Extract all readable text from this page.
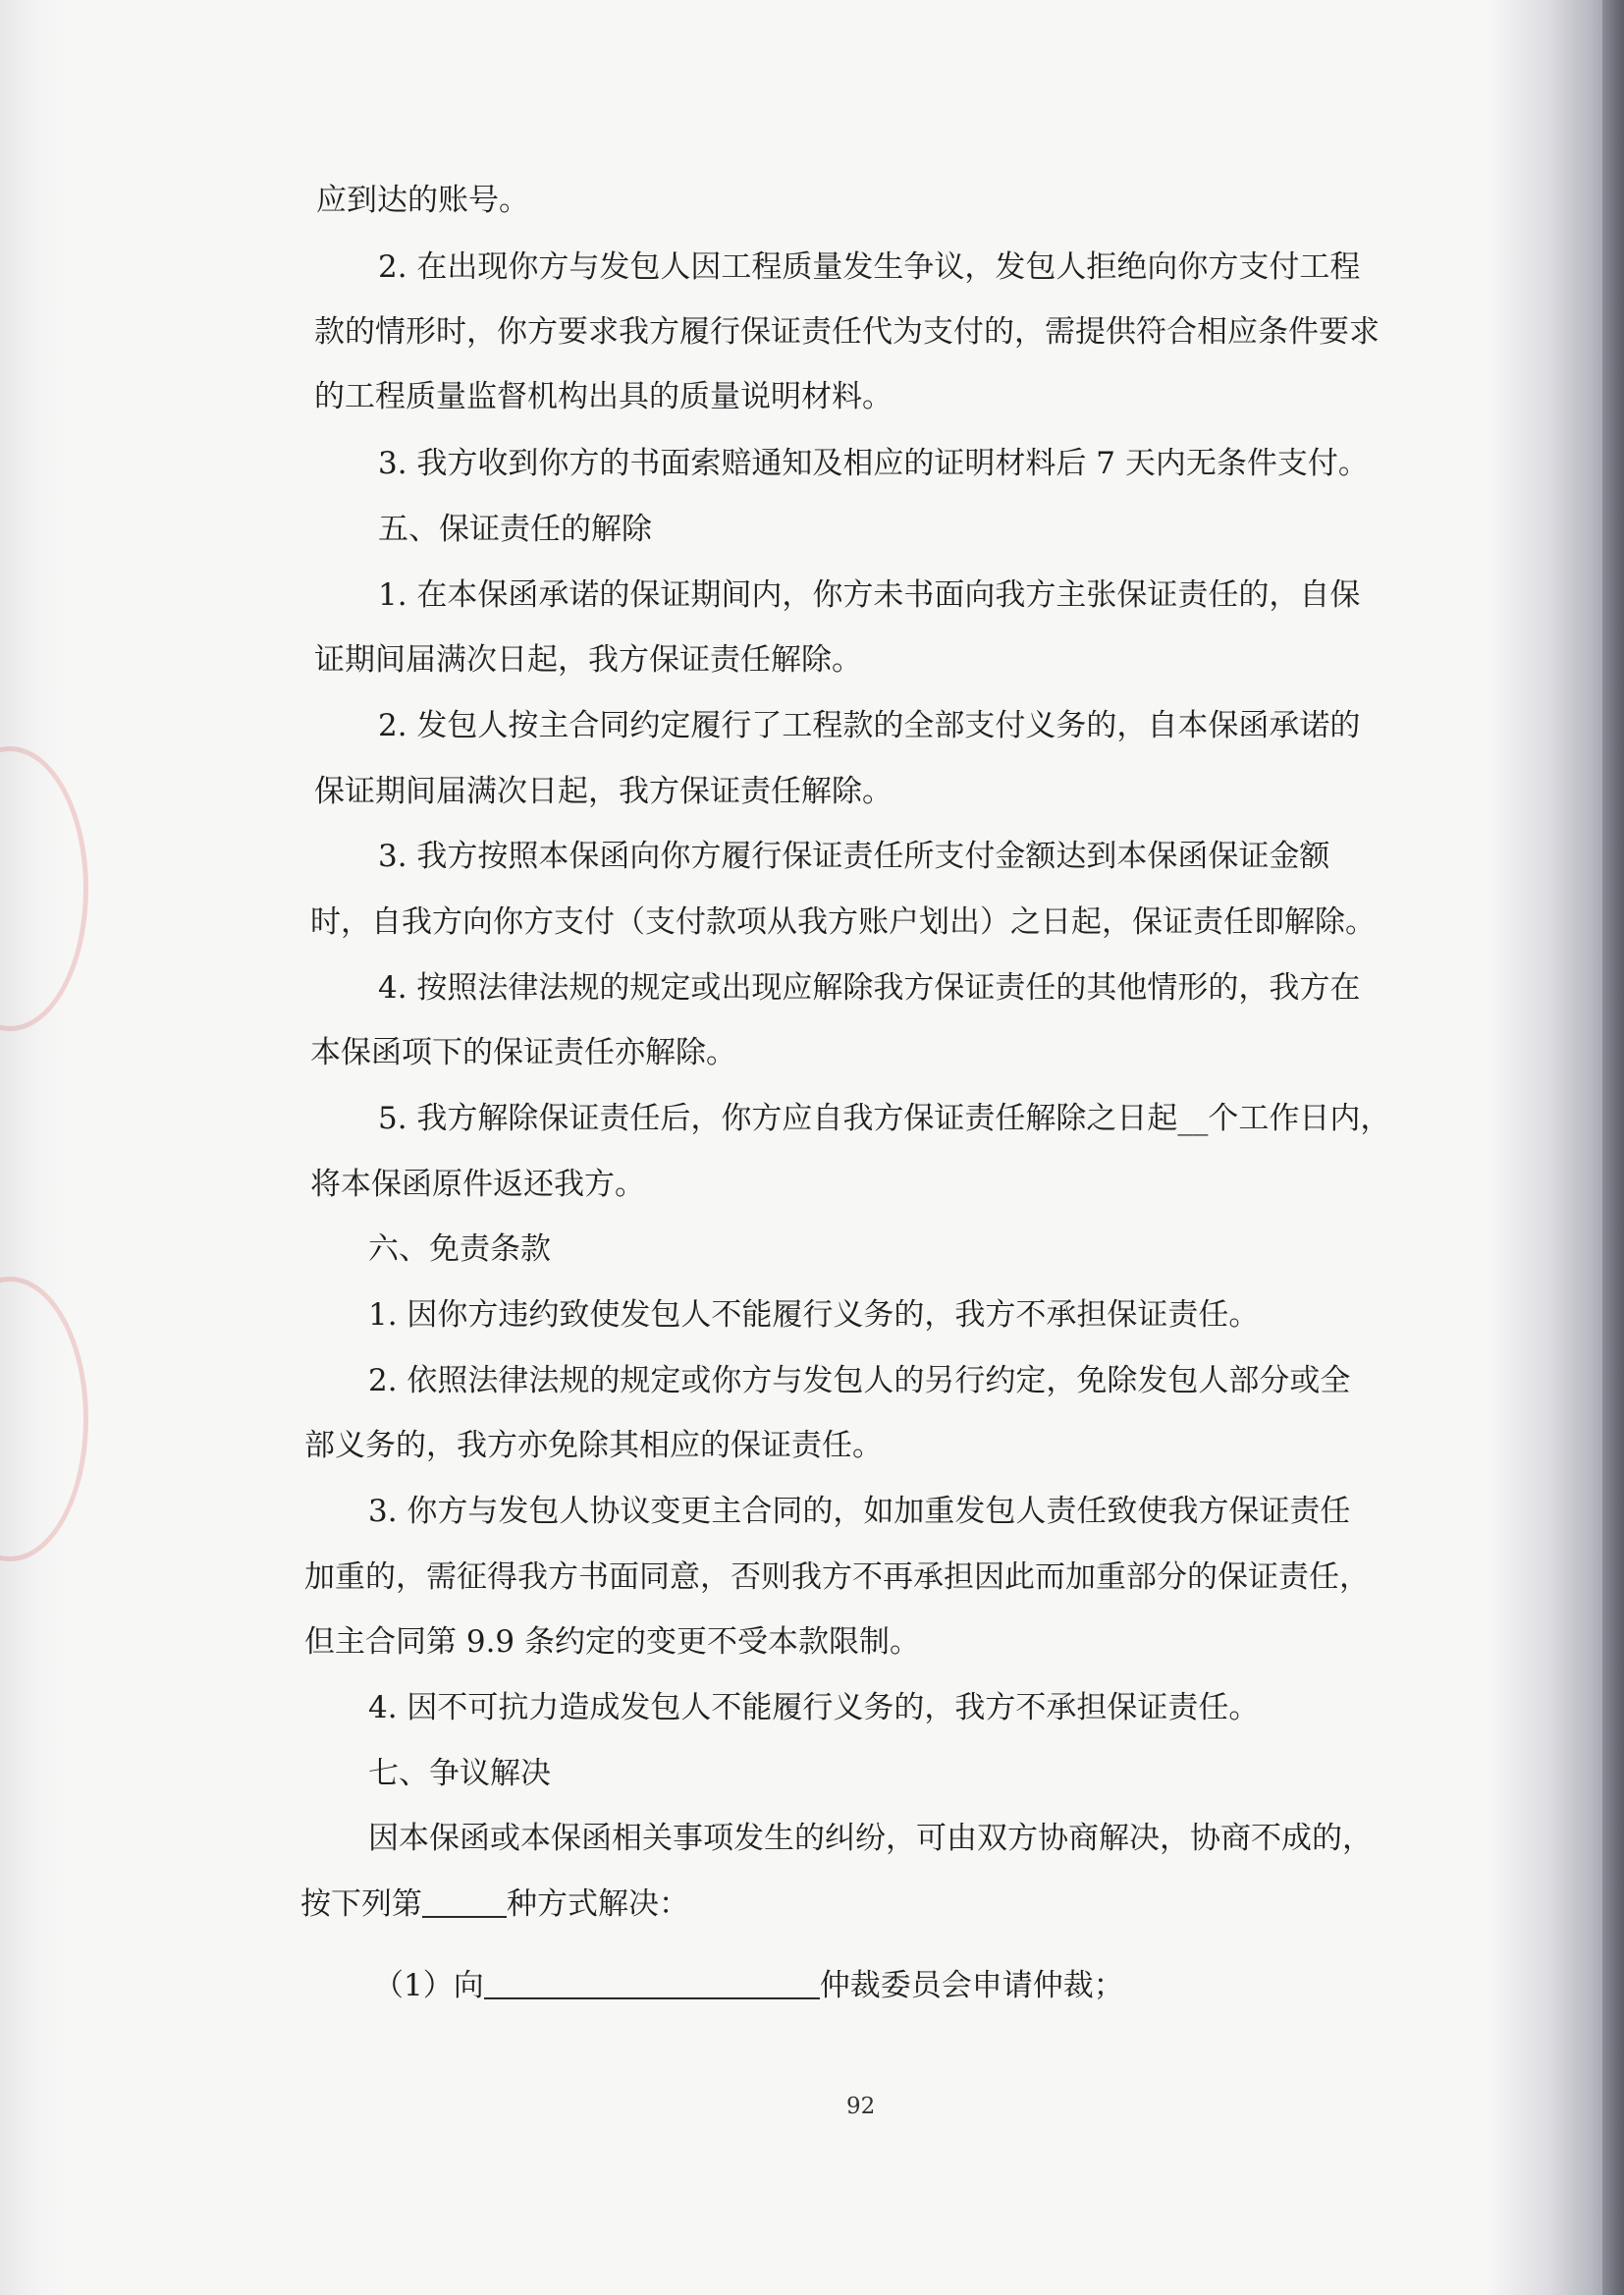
应到达的账号。

2. 在出现你方与发包人因工程质量发生争议，发包人拒绝向你方支付工程

款的情形时，你方要求我方履行保证责任代为支付的，需提供符合相应条件要求

的工程质量监督机构出具的质量说明材料。

3. 我方收到你方的书面索赔通知及相应的证明材料后 7 天内无条件支付。

五、保证责任的解除

1. 在本保函承诺的保证期间内，你方未书面向我方主张保证责任的，自保

证期间届满次日起，我方保证责任解除。

2. 发包人按主合同约定履行了工程款的全部支付义务的，自本保函承诺的

保证期间届满次日起，我方保证责任解除。

3. 我方按照本保函向你方履行保证责任所支付金额达到本保函保证金额

时，自我方向你方支付（支付款项从我方账户划出）之日起，保证责任即解除。

4. 按照法律法规的规定或出现应解除我方保证责任的其他情形的，我方在

本保函项下的保证责任亦解除。

5. 我方解除保证责任后，你方应自我方保证责任解除之日起__个工作日内，

将本保函原件返还我方。

六、免责条款

1. 因你方违约致使发包人不能履行义务的，我方不承担保证责任。

2. 依照法律法规的规定或你方与发包人的另行约定，免除发包人部分或全

部义务的，我方亦免除其相应的保证责任。

3. 你方与发包人协议变更主合同的，如加重发包人责任致使我方保证责任

加重的，需征得我方书面同意，否则我方不再承担因此而加重部分的保证责任，

但主合同第 9.9 条约定的变更不受本款限制。

4. 因不可抗力造成发包人不能履行义务的，我方不承担保证责任。

七、争议解决

因本保函或本保函相关事项发生的纠纷，可由双方协商解决，协商不成的，

按下列第	种方式解决：

（1）向	仲裁委员会申请仲裁；

92
